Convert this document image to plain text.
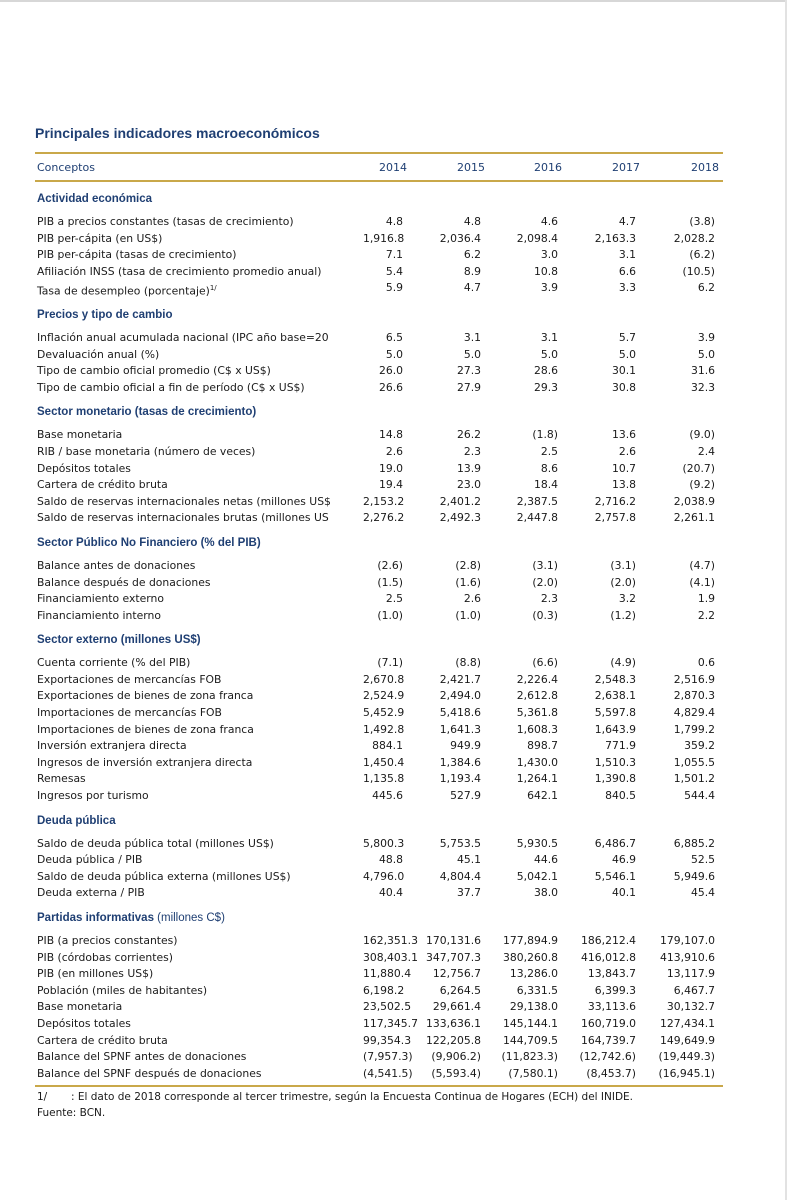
Principales indicadores macroeconómicos
Conceptos	2014	2015	2016	2017	2018
Actividad económica
PIB a precios constantes (tasas de crecimiento)	4.8	4.8	4.6	4.7	(3.8)
PIB per-cápita (en US$)	1,916.8	2,036.4	2,098.4	2,163.3	2,028.2
PIB per-cápita (tasas de crecimiento)	7.1	6.2	3.0	3.1	(6.2)
Afiliación INSS (tasa de crecimiento promedio anual)	5.4	8.9	10.8	6.6	(10.5)
Tasa de desempleo (porcentaje)$^{1/}$	5.9	4.7	3.9	3.3	6.2
Precios y tipo de cambio
Inflación anual acumulada nacional (IPC año base=20	6.5	3.1	3.1	5.7	3.9
Devaluación anual (%)	5.0	5.0	5.0	5.0	5.0
Tipo de cambio oficial promedio (C$ x US$)	26.0	27.3	28.6	30.1	31.6
Tipo de cambio oficial a fin de período (C$ x US$)	26.6	27.9	29.3	30.8	32.3
Sector monetario (tasas de crecimiento)
Base monetaria	14.8	26.2	(1.8)	13.6	(9.0)
RIB / base monetaria (número de veces)	2.6	2.3	2.5	2.6	2.4
Depósitos totales	19.0	13.9	8.6	10.7	(20.7)
Cartera de crédito bruta	19.4	23.0	18.4	13.8	(9.2)
Saldo de reservas internacionales netas (millones US$	2,153.2	2,401.2	2,387.5	2,716.2	2,038.9
Saldo de reservas internacionales brutas (millones US	2,276.2	2,492.3	2,447.8	2,757.8	2,261.1
Sector Público No Financiero (% del PIB)
Balance antes de donaciones	(2.6)	(2.8)	(3.1)	(3.1)	(4.7)
Balance después de donaciones	(1.5)	(1.6)	(2.0)	(2.0)	(4.1)
Financiamiento externo	2.5	2.6	2.3	3.2	1.9
Financiamiento interno	(1.0)	(1.0)	(0.3)	(1.2)	2.2
Sector externo (millones US$)
Cuenta corriente (% del PIB)	(7.1)	(8.8)	(6.6)	(4.9)	0.6
Exportaciones de mercancías FOB	2,670.8	2,421.7	2,226.4	2,548.3	2,516.9
Exportaciones de bienes de zona franca	2,524.9	2,494.0	2,612.8	2,638.1	2,870.3
Importaciones de mercancías FOB	5,452.9	5,418.6	5,361.8	5,597.8	4,829.4
Importaciones de bienes de zona franca	1,492.8	1,641.3	1,608.3	1,643.9	1,799.2
Inversión extranjera directa	884.1	949.9	898.7	771.9	359.2
Ingresos de inversión extranjera directa	1,450.4	1,384.6	1,430.0	1,510.3	1,055.5
Remesas	1,135.8	1,193.4	1,264.1	1,390.8	1,501.2
Ingresos por turismo	445.6	527.9	642.1	840.5	544.4
Deuda pública
Saldo de deuda pública total (millones US$)	5,800.3	5,753.5	5,930.5	6,486.7	6,885.2
Deuda pública / PIB	48.8	45.1	44.6	46.9	52.5
Saldo de deuda pública externa (millones US$)	4,796.0	4,804.4	5,042.1	5,546.1	5,949.6
Deuda externa / PIB	40.4	37.7	38.0	40.1	45.4
Partidas informativas (millones C$)
PIB (a precios constantes)	162,351.3 170,131.6	177,894.9	186,212.4	179,107.0
PIB (córdobas corrientes)	308,403.1 347,707.3	380,260.8	416,012.8	413,910.6
PIB (en millones US$)	11,880.4	12,756.7	13,286.0	13,843.7	13,117.9
Población (miles de habitantes)	6,198.2	6,264.5	6,331.5	6,399.3	6,467.7
Base monetaria	23,502.5	29,661.4	29,138.0	33,113.6	30,132.7
Depósitos totales	117,345.7 133,636.1	145,144.1	160,719.0	127,434.1
Cartera de crédito bruta	99,354.3	122,205.8	144,709.5	164,739.7	149,649.9
Balance del SPNF antes de donaciones	(7,957.3)	(9,906.2)	(11,823.3)	(12,742.6)	(19,449.3)
Balance del SPNF después de donaciones	(4,541.5)	(5,593.4)	(7,580.1)	(8,453.7)	(16,945.1)
1/ : El dato de 2018 corresponde al tercer trimestre, según la Encuesta Continua de Hogares (ECH) del INIDE.
Fuente: BCN.
